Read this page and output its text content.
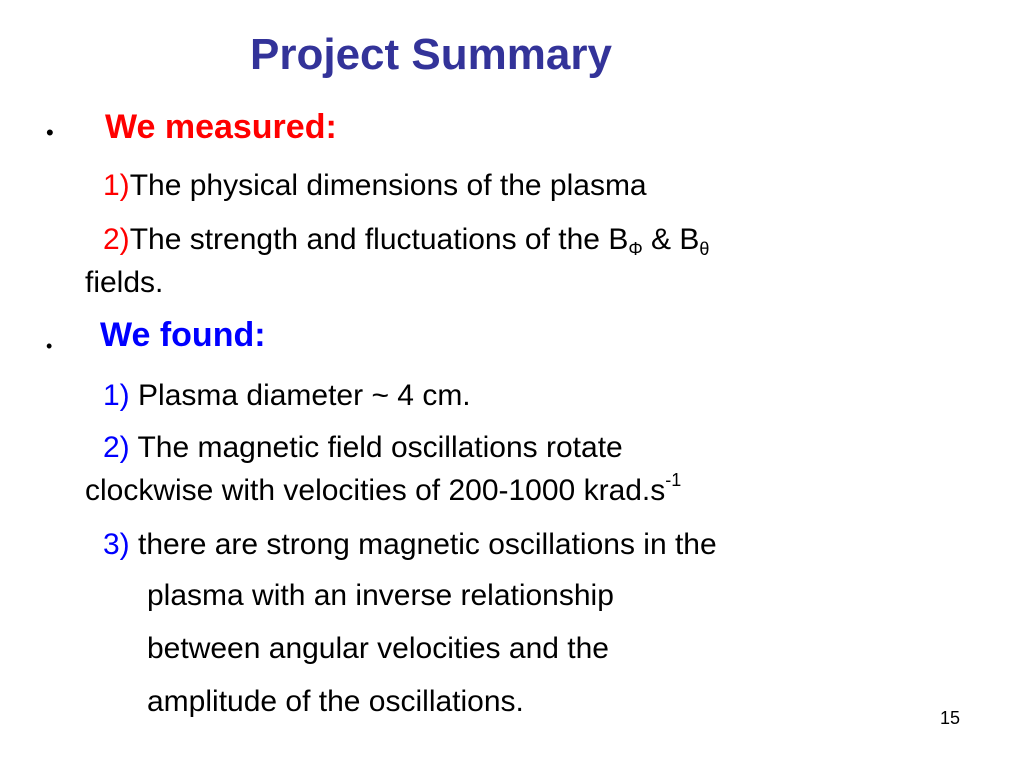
Project Summary
• We measured:
1)The physical dimensions of the plasma
2)The strength and fluctuations of the $B_\Phi$ & $B_\theta$
fields.
• We found:
1) Plasma diameter ~ 4 cm.
2) The magnetic field oscillations rotate
clockwise with velocities of 200-1000 $krad.s^{-1}$
3) there are strong magnetic oscillations in the
plasma with an inverse relationship
between angular velocities and the
amplitude of the oscillations.	15
